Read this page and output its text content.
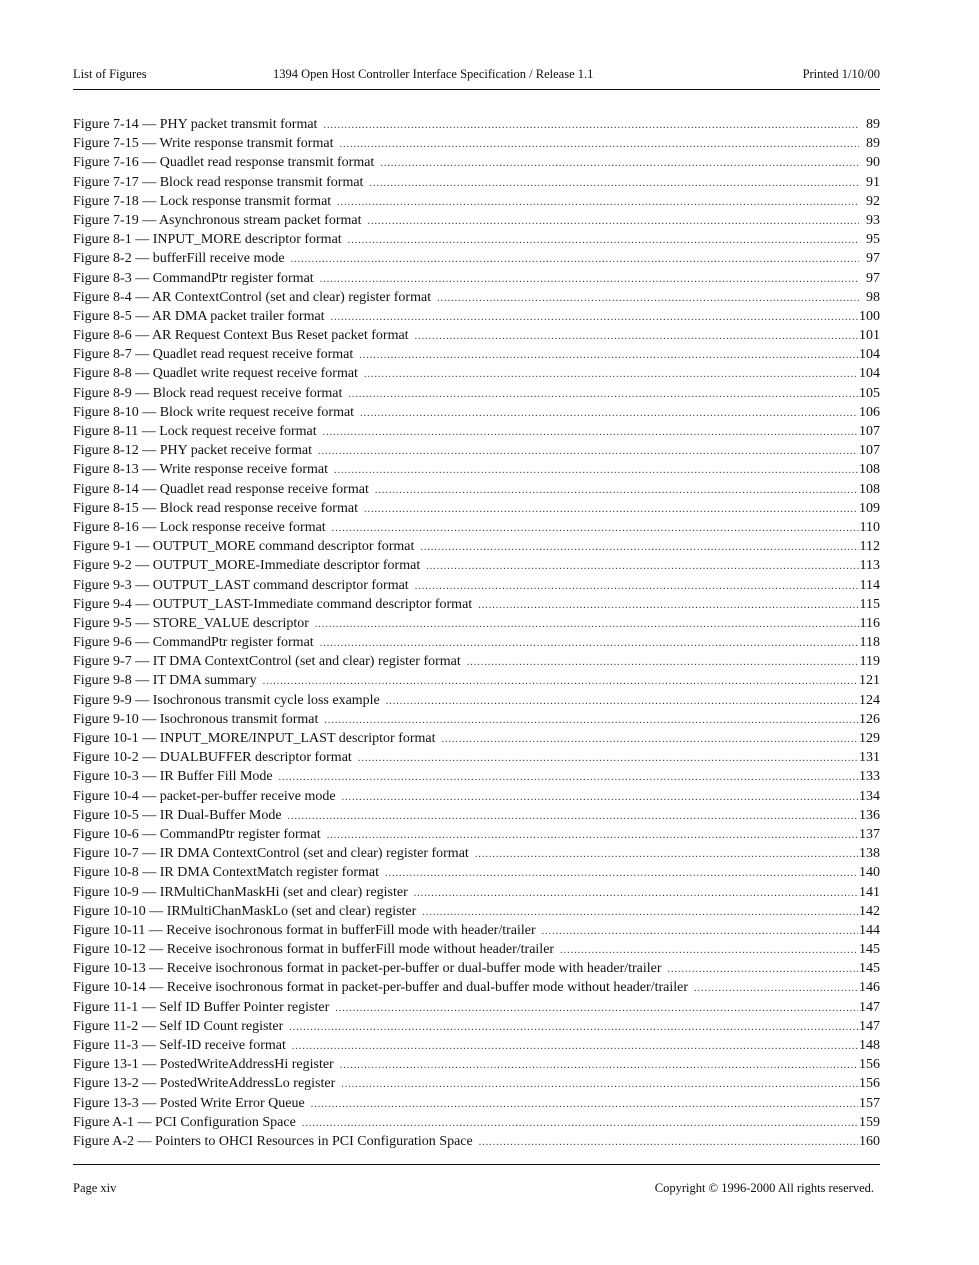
List of Figures	1394 Open Host Controller Interface Specification / Release 1.1	Printed 1/10/00
Figure 7-14 — PHY packet transmit format .....	89
Figure 7-15 — Write response transmit format .....	89
Figure 7-16 — Quadlet read response transmit format .....	90
Figure 7-17 — Block read response transmit format .....	91
Figure 7-18 — Lock response transmit format .....	92
Figure 7-19 — Asynchronous stream packet format .....	93
Figure 8-1 — INPUT_MORE descriptor format .....	95
Figure 8-2 — bufferFill receive mode .....	97
Figure 8-3 — CommandPtr register format .....	97
Figure 8-4 — AR ContextControl (set and clear) register format .....	98
Figure 8-5 — AR DMA packet trailer format .....	100
Figure 8-6 — AR Request Context Bus Reset packet format .....	101
Figure 8-7 — Quadlet read request receive format .....	104
Figure 8-8 — Quadlet write request receive format .....	104
Figure 8-9 — Block read request receive format .....	105
Figure 8-10 — Block write request receive format .....	106
Figure 8-11 — Lock request receive format .....	107
Figure 8-12 — PHY packet receive format .....	107
Figure 8-13 — Write response receive format .....	108
Figure 8-14 — Quadlet read response receive format .....	108
Figure 8-15 — Block read response receive format .....	109
Figure 8-16 — Lock response receive format .....	110
Figure 9-1 — OUTPUT_MORE command descriptor format .....	112
Figure 9-2 — OUTPUT_MORE-Immediate descriptor format .....	113
Figure 9-3 — OUTPUT_LAST command descriptor format .....	114
Figure 9-4 — OUTPUT_LAST-Immediate command descriptor format .....	115
Figure 9-5 — STORE_VALUE descriptor .....	116
Figure 9-6 — CommandPtr register format .....	118
Figure 9-7 — IT DMA ContextControl (set and clear) register format .....	119
Figure 9-8 — IT DMA summary .....	121
Figure 9-9 — Isochronous transmit cycle loss example .....	124
Figure 9-10 — Isochronous transmit format .....	126
Figure 10-1 — INPUT_MORE/INPUT_LAST descriptor format .....	129
Figure 10-2 — DUALBUFFER descriptor format .....	131
Figure 10-3 — IR Buffer Fill Mode .....	133
Figure 10-4 — packet-per-buffer receive mode .....	134
Figure 10-5 — IR Dual-Buffer Mode .....	136
Figure 10-6 — CommandPtr register format .....	137
Figure 10-7 — IR DMA ContextControl (set and clear) register format .....	138
Figure 10-8 — IR DMA ContextMatch register format .....	140
Figure 10-9 — IRMultiChanMaskHi (set and clear) register .....	141
Figure 10-10 — IRMultiChanMaskLo (set and clear) register .....	142
Figure 10-11 — Receive isochronous format in bufferFill mode with header/trailer .....	144
Figure 10-12 — Receive isochronous format in bufferFill mode without header/trailer .....	145
Figure 10-13 — Receive isochronous format in packet-per-buffer or dual-buffer mode with header/trailer .....	145
Figure 10-14 — Receive isochronous format in packet-per-buffer and dual-buffer mode without header/trailer .....	146
Figure 11-1 — Self ID Buffer Pointer register .....	147
Figure 11-2 — Self ID Count register .....	147
Figure 11-3 — Self-ID receive format .....	148
Figure 13-1 — PostedWriteAddressHi register .....	156
Figure 13-2 — PostedWriteAddressLo register .....	156
Figure 13-3 — Posted Write Error Queue .....	157
Figure A-1 — PCI Configuration Space .....	159
Figure A-2 — Pointers to OHCI Resources in PCI Configuration Space .....	160
Page xiv	Copyright © 1996-2000 All rights reserved.
